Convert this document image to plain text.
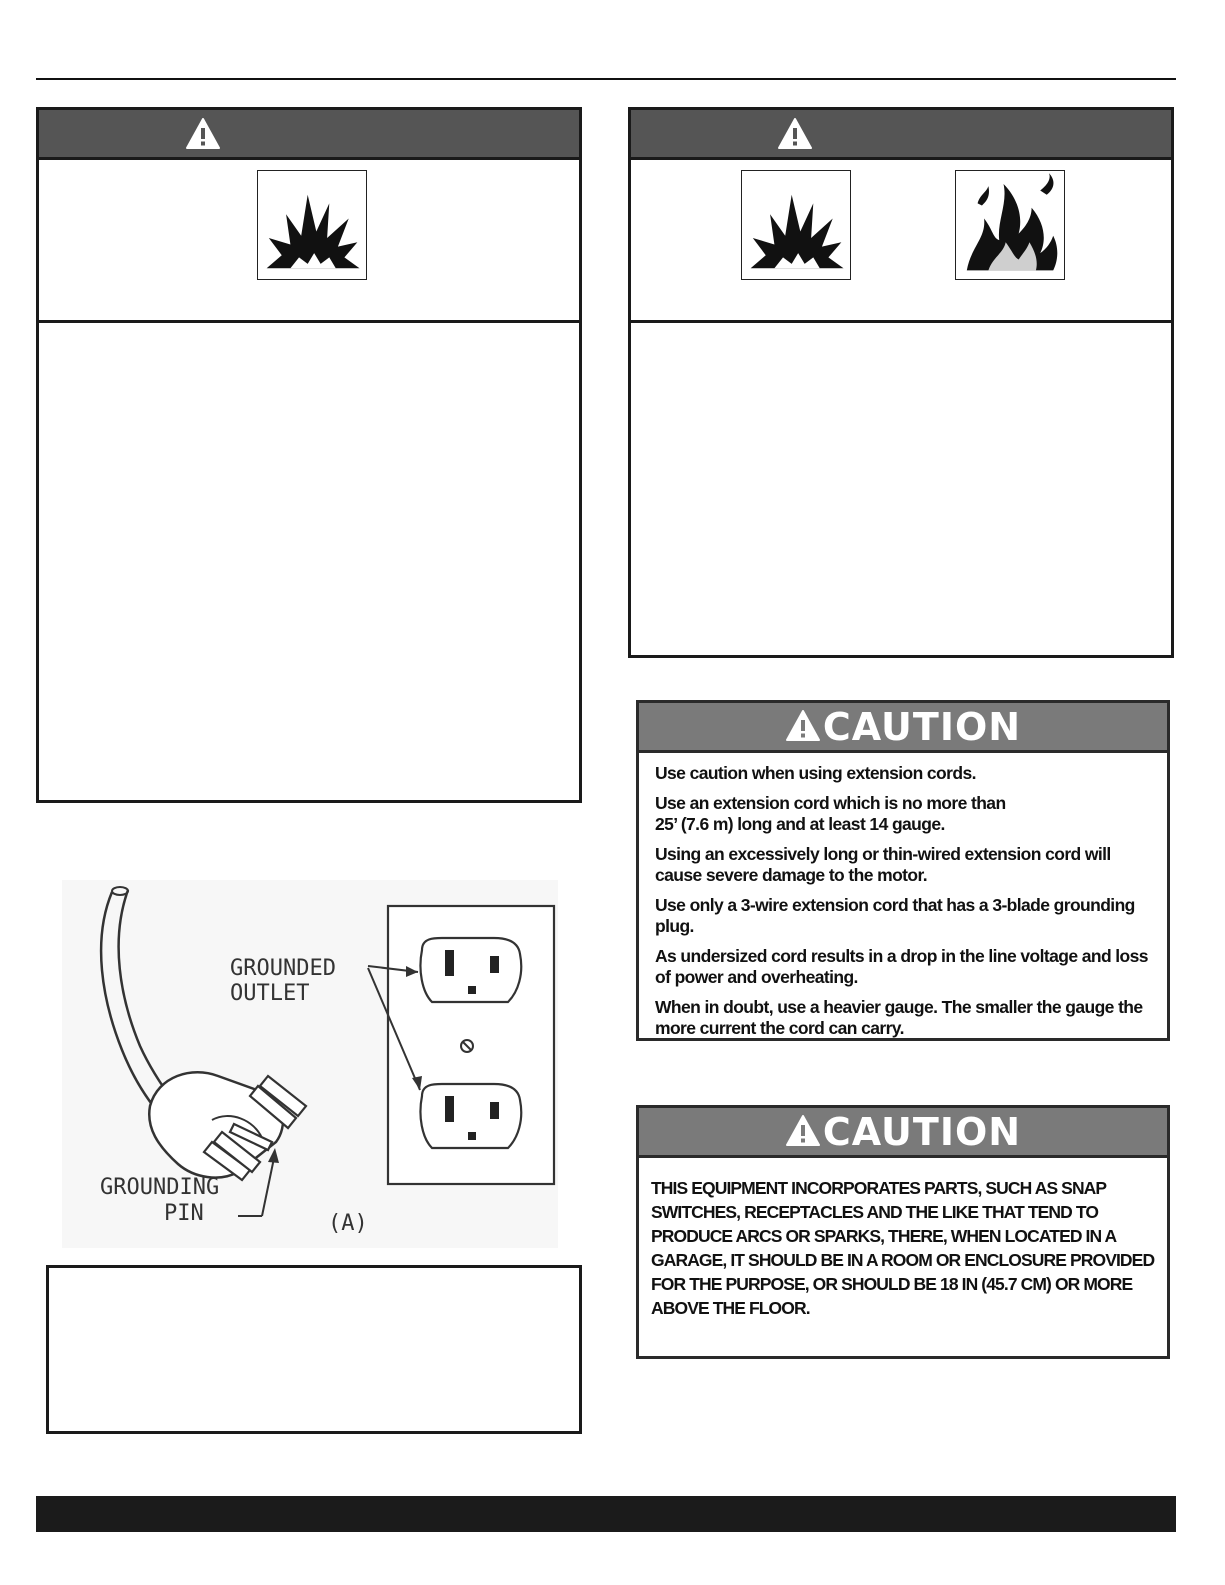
CAUTION

Use caution when using extension cords.

Use an extension cord which is no more than
25’ (7.6 m) long and at least 14 gauge.

Using an excessively long or thin-wired extension cord will cause severe damage to the motor.

Use only a 3-wire extension cord that has a 3-blade grounding plug.

As undersized cord results in a drop in the line voltage and loss of power and overheating.

When in doubt, use a heavier gauge. The smaller the gauge the more current the cord can carry.

CAUTION

THIS EQUIPMENT INCORPORATES PARTS, SUCH AS SNAP SWITCHES, RECEPTACLES AND THE LIKE THAT TEND TO PRODUCE ARCS OR SPARKS, THERE, WHEN LOCATED IN A GARAGE, IT SHOULD BE IN A ROOM OR ENCLOSURE PROVIDED FOR THE PURPOSE, OR SHOULD BE 18 IN (45.7 CM) OR MORE ABOVE THE FLOOR.

GROUNDED
OUTLET
GROUNDING
PIN	(A)
